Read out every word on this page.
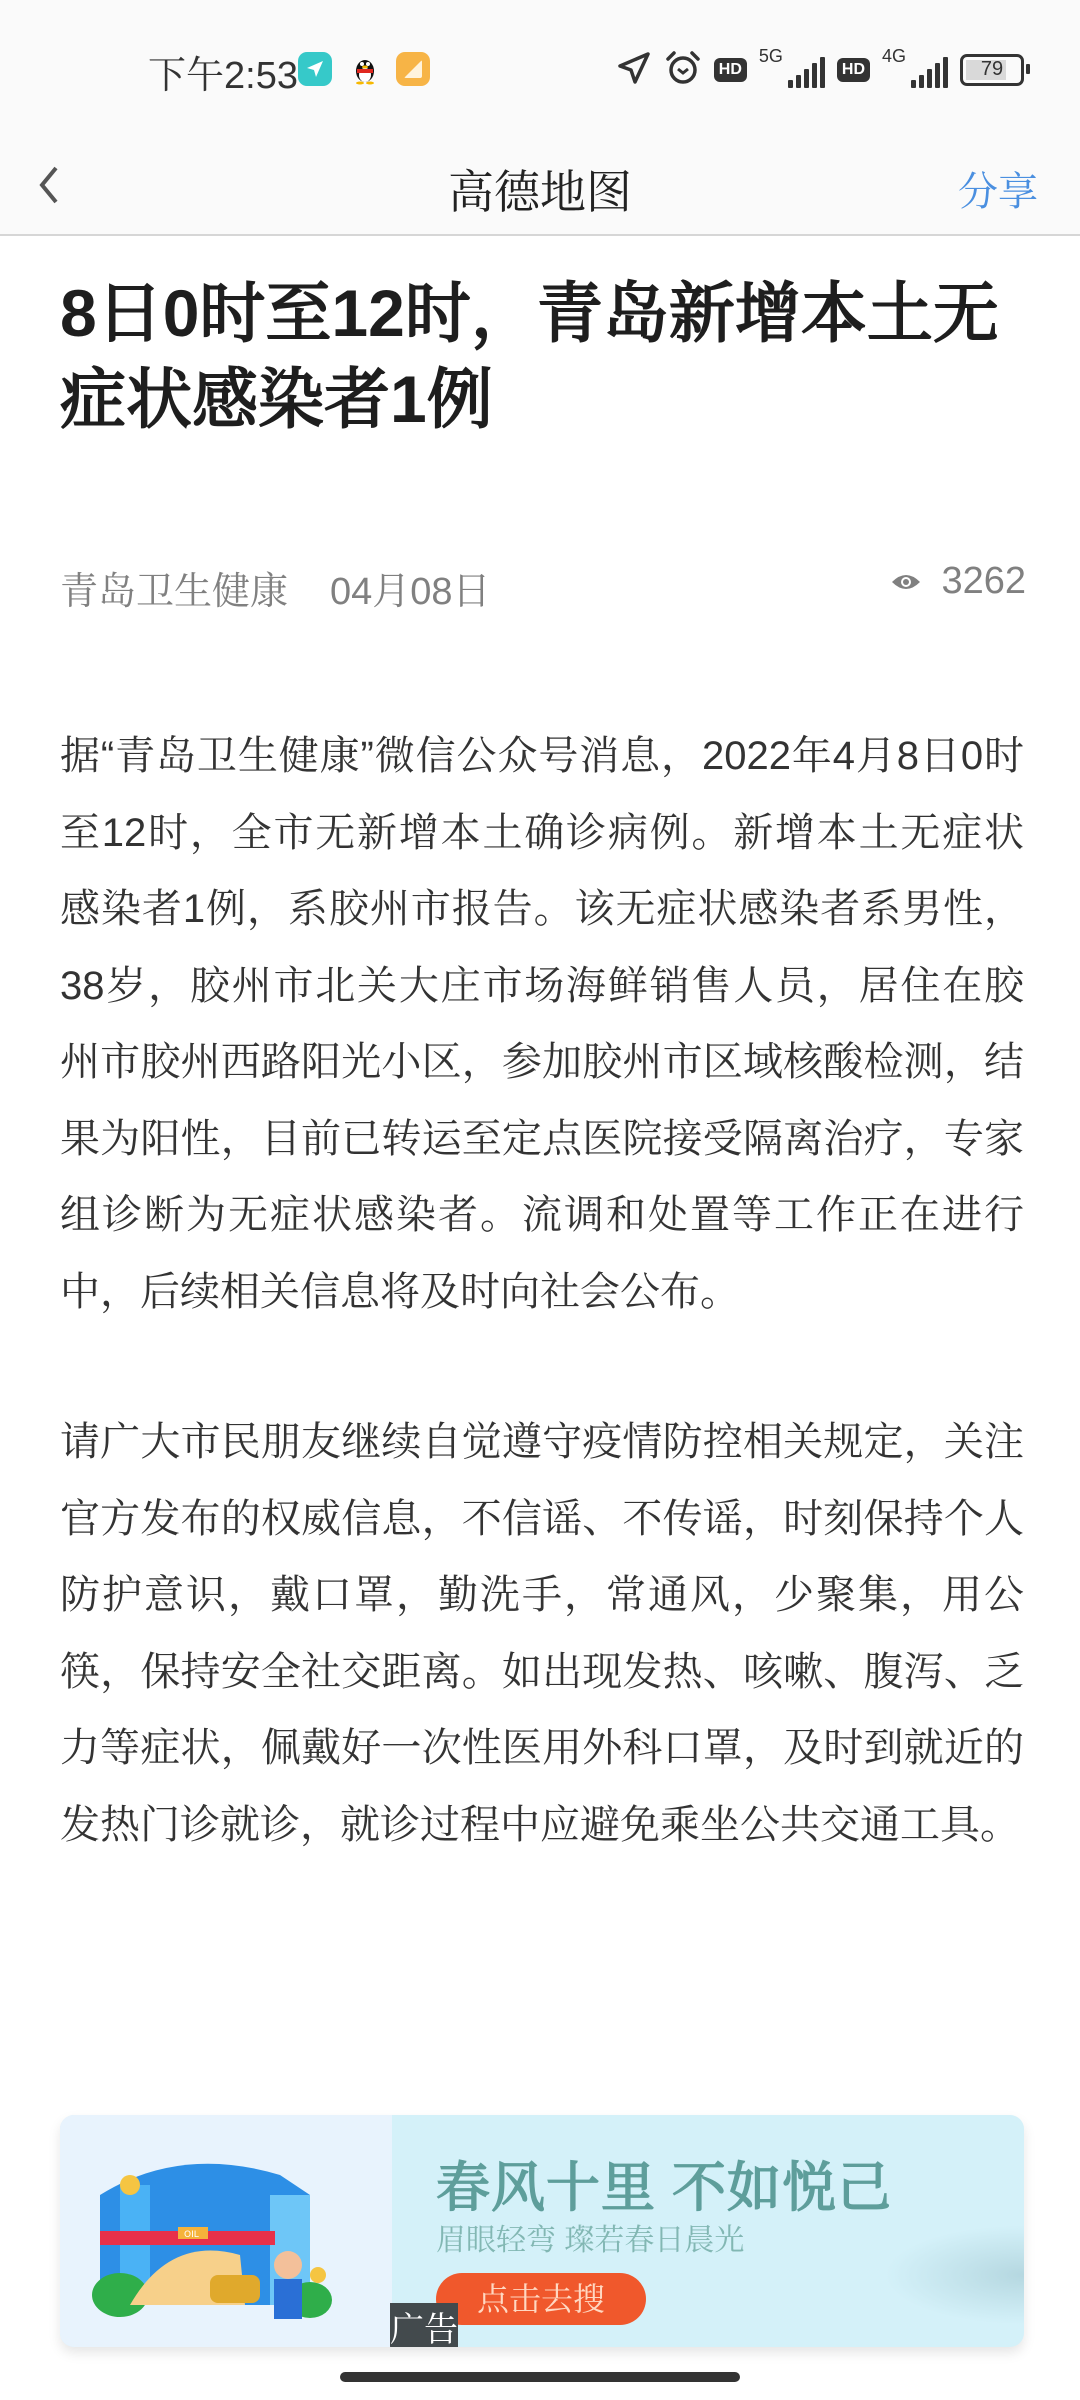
下午2:53	HD
5G
HD
4G
79
高德地图	分享
8日0时至12时，青岛新增本土无症状感染者1例
青岛卫生健康 04月08日	3262

据“青岛卫生健康”微信公众号消息，2022年4月8日0时至12时，全市无新增本土确诊病例。新增本土无症状感染者1例，系胶州市报告。该无症状感染者系男性，38岁，胶州市北关大庄市场海鲜销售人员，居住在胶州市胶州西路阳光小区，参加胶州市区域核酸检测，结果为阳性，目前已转运至定点医院接受隔离治疗，专家组诊断为无症状感染者。流调和处置等工作正在进行中，后续相关信息将及时向社会公布。

请广大市民朋友继续自觉遵守疫情防控相关规定，关注官方发布的权威信息，不信谣、不传谣，时刻保持个人防护意识，戴口罩，勤洗手，常通风，少聚集，用公筷，保持安全社交距离。如出现发热、咳嗽、腹泻、乏力等症状，佩戴好一次性医用外科口罩，及时到就近的发热门诊就诊，就诊过程中应避免乘坐公共交通工具。

OIL
春风十里 不如悦己
眉眼轻弯 璨若春日晨光
点击去搜
广告
